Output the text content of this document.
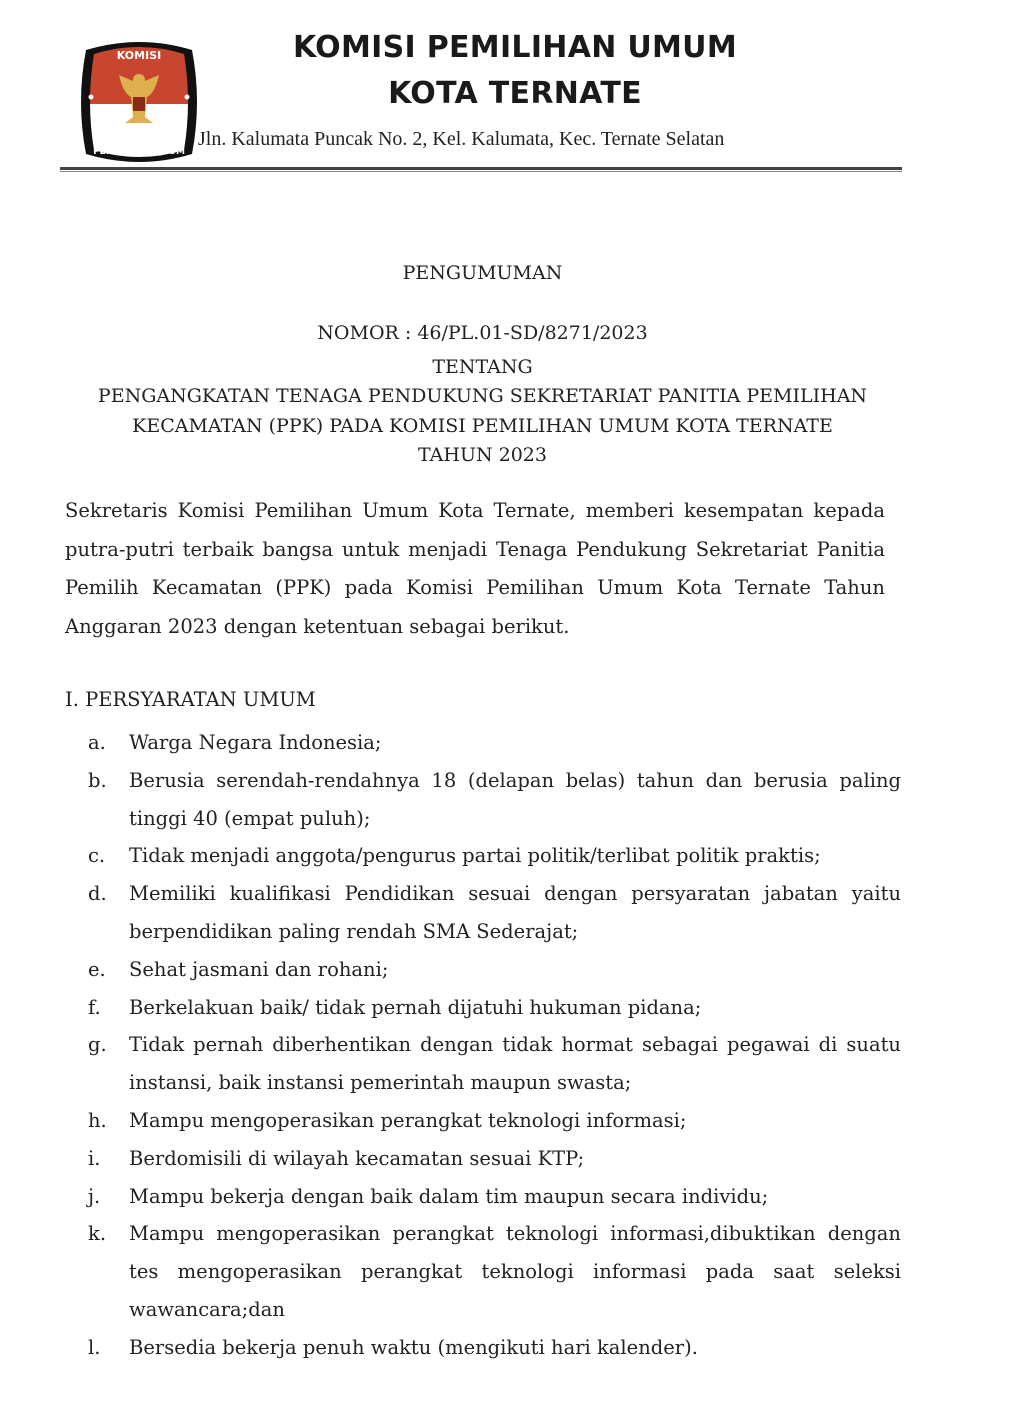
KOMISI
PEMILIHAN UMUM
KOMISI PEMILIHAN UMUM
KOTA TERNATE
Jln. Kalumata Puncak No. 2, Kel. Kalumata, Kec. Ternate Selatan
PENGUMUMAN
NOMOR : 46/PL.01-SD/8271/2023
TENTANG
PENGANGKATAN TENAGA PENDUKUNG SEKRETARIAT PANITIA PEMILIHAN
KECAMATAN (PPK) PADA KOMISI PEMILIHAN UMUM KOTA TERNATE
TAHUN 2023
Sekretaris Komisi Pemilihan Umum Kota Ternate, memberi kesempatan kepada putra-putri terbaik bangsa untuk menjadi Tenaga Pendukung Sekretariat Panitia Pemilih Kecamatan (PPK) pada Komisi Pemilihan Umum Kota Ternate Tahun Anggaran 2023 dengan ketentuan sebagai berikut.
I. PERSYARATAN UMUM
a.	Warga Negara Indonesia;
b.	Berusia serendah-rendahnya 18 (delapan belas) tahun dan berusia paling tinggi 40 (empat puluh);
c.	Tidak menjadi anggota/pengurus partai politik/terlibat politik praktis;
d.	Memiliki kualifikasi Pendidikan sesuai dengan persyaratan jabatan yaitu berpendidikan paling rendah SMA Sederajat;
e.	Sehat jasmani dan rohani;
f.	Berkelakuan baik/ tidak pernah dijatuhi hukuman pidana;
g.	Tidak pernah diberhentikan dengan tidak hormat sebagai pegawai di suatu instansi, baik instansi pemerintah maupun swasta;
h.	Mampu mengoperasikan perangkat teknologi informasi;
i.	Berdomisili di wilayah kecamatan sesuai KTP;
j.	Mampu bekerja dengan baik dalam tim maupun secara individu;
k.	Mampu mengoperasikan perangkat teknologi informasi,dibuktikan dengan tes mengoperasikan perangkat teknologi informasi pada saat seleksi wawancara;dan
l.	Bersedia bekerja penuh waktu (mengikuti hari kalender).
